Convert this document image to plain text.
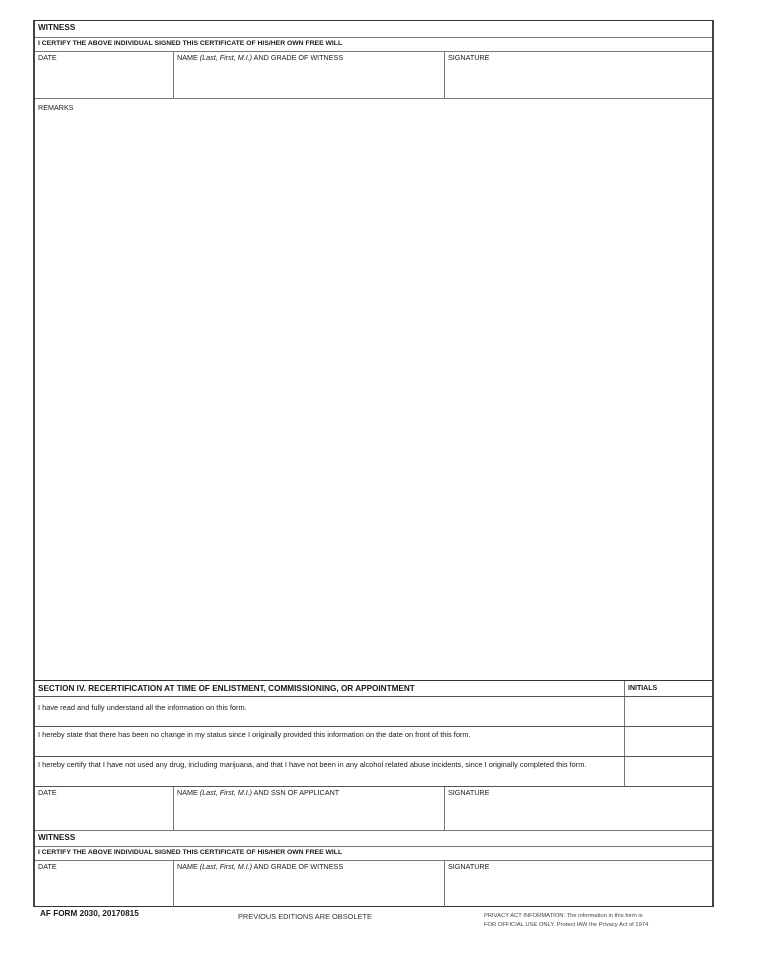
WITNESS
I CERTIFY THE ABOVE INDIVIDUAL SIGNED THIS CERTIFICATE OF HIS/HER OWN FREE WILL
DATE	NAME (Last, First, M.I.) AND GRADE OF WITNESS	SIGNATURE
REMARKS
SECTION IV. RECERTIFICATION AT TIME OF ENLISTMENT, COMMISSIONING, OR APPOINTMENT	INITIALS
I have read and fully understand all the information on this form.
I hereby state that there has been no change in my status since I originally provided this information on the date on front of this form.
I hereby certify that I have not used any drug, including marijuana, and that I have not been in any alcohol related abuse incidents, since I originally completed this form.
DATE	NAME (Last, First, M.I.) AND SSN OF APPLICANT	SIGNATURE
WITNESS
I CERTIFY THE ABOVE INDIVIDUAL SIGNED THIS CERTIFICATE OF HIS/HER OWN FREE WILL
DATE	NAME (Last, First, M.I.) AND GRADE OF WITNESS	SIGNATURE
AF FORM 2030, 20170815	PREVIOUS EDITIONS ARE OBSOLETE	PRIVACY ACT INFORMATION: The information in this form is
FOR OFFICIAL USE ONLY. Protect IAW the Privacy Act of 1974
